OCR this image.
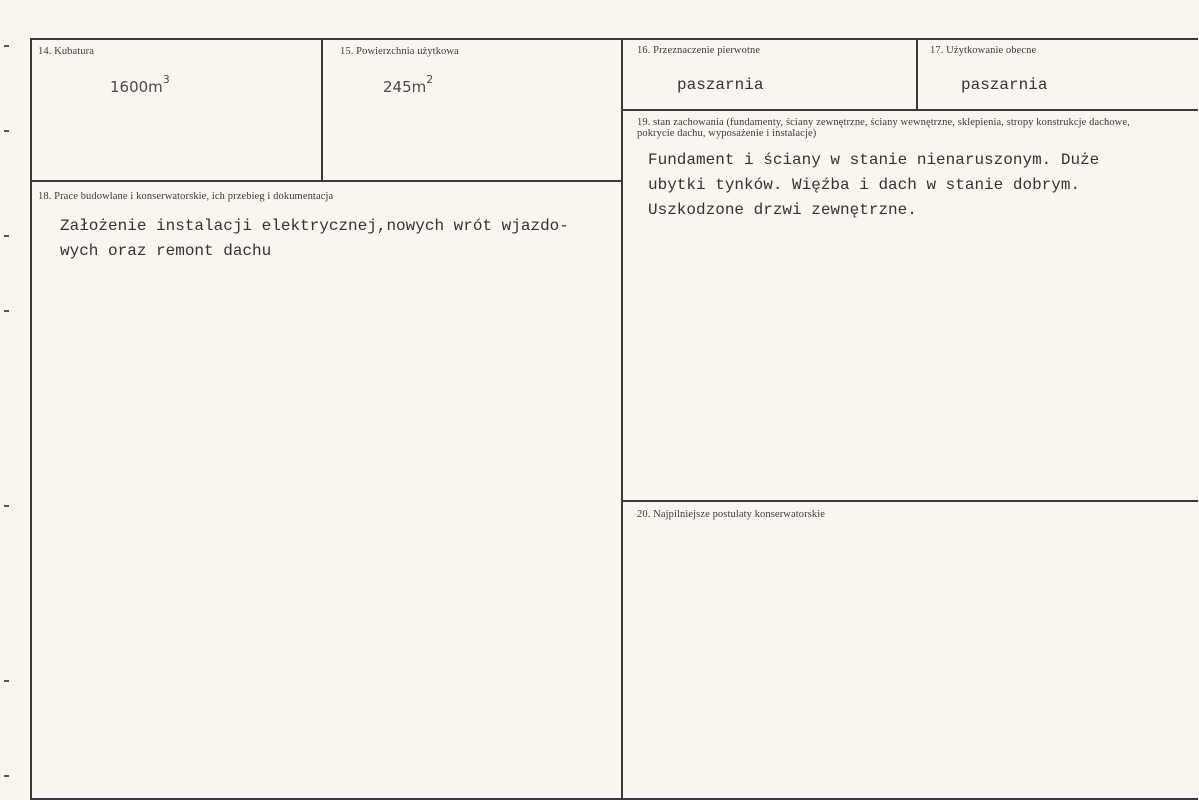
14. Kubatura
$1600m^3$
15. Powierzchnia użytkowa
$245m^2$
16. Przeznaczenie pierwotne
paszarnia
17. Użytkowanie obecne
paszarnia
18. Prace budowlane i konserwatorskie, ich przebieg i dokumentacja
Założenie instalacji elektrycznej,nowych wrót wjazdo-
wych oraz remont dachu
19. stan zachowania (fundamenty, ściany zewnętrzne, ściany wewnętrzne, sklepienia, stropy konstrukcje dachowe, pokrycie dachu, wyposażenie i instalacje)
Fundament i ściany w stanie nienaruszonym. Duże
ubytki tynków. Więźba i dach w stanie dobrym.
Uszkodzone drzwi zewnętrzne.
20. Najpilniejsze postulaty konserwatorskie
